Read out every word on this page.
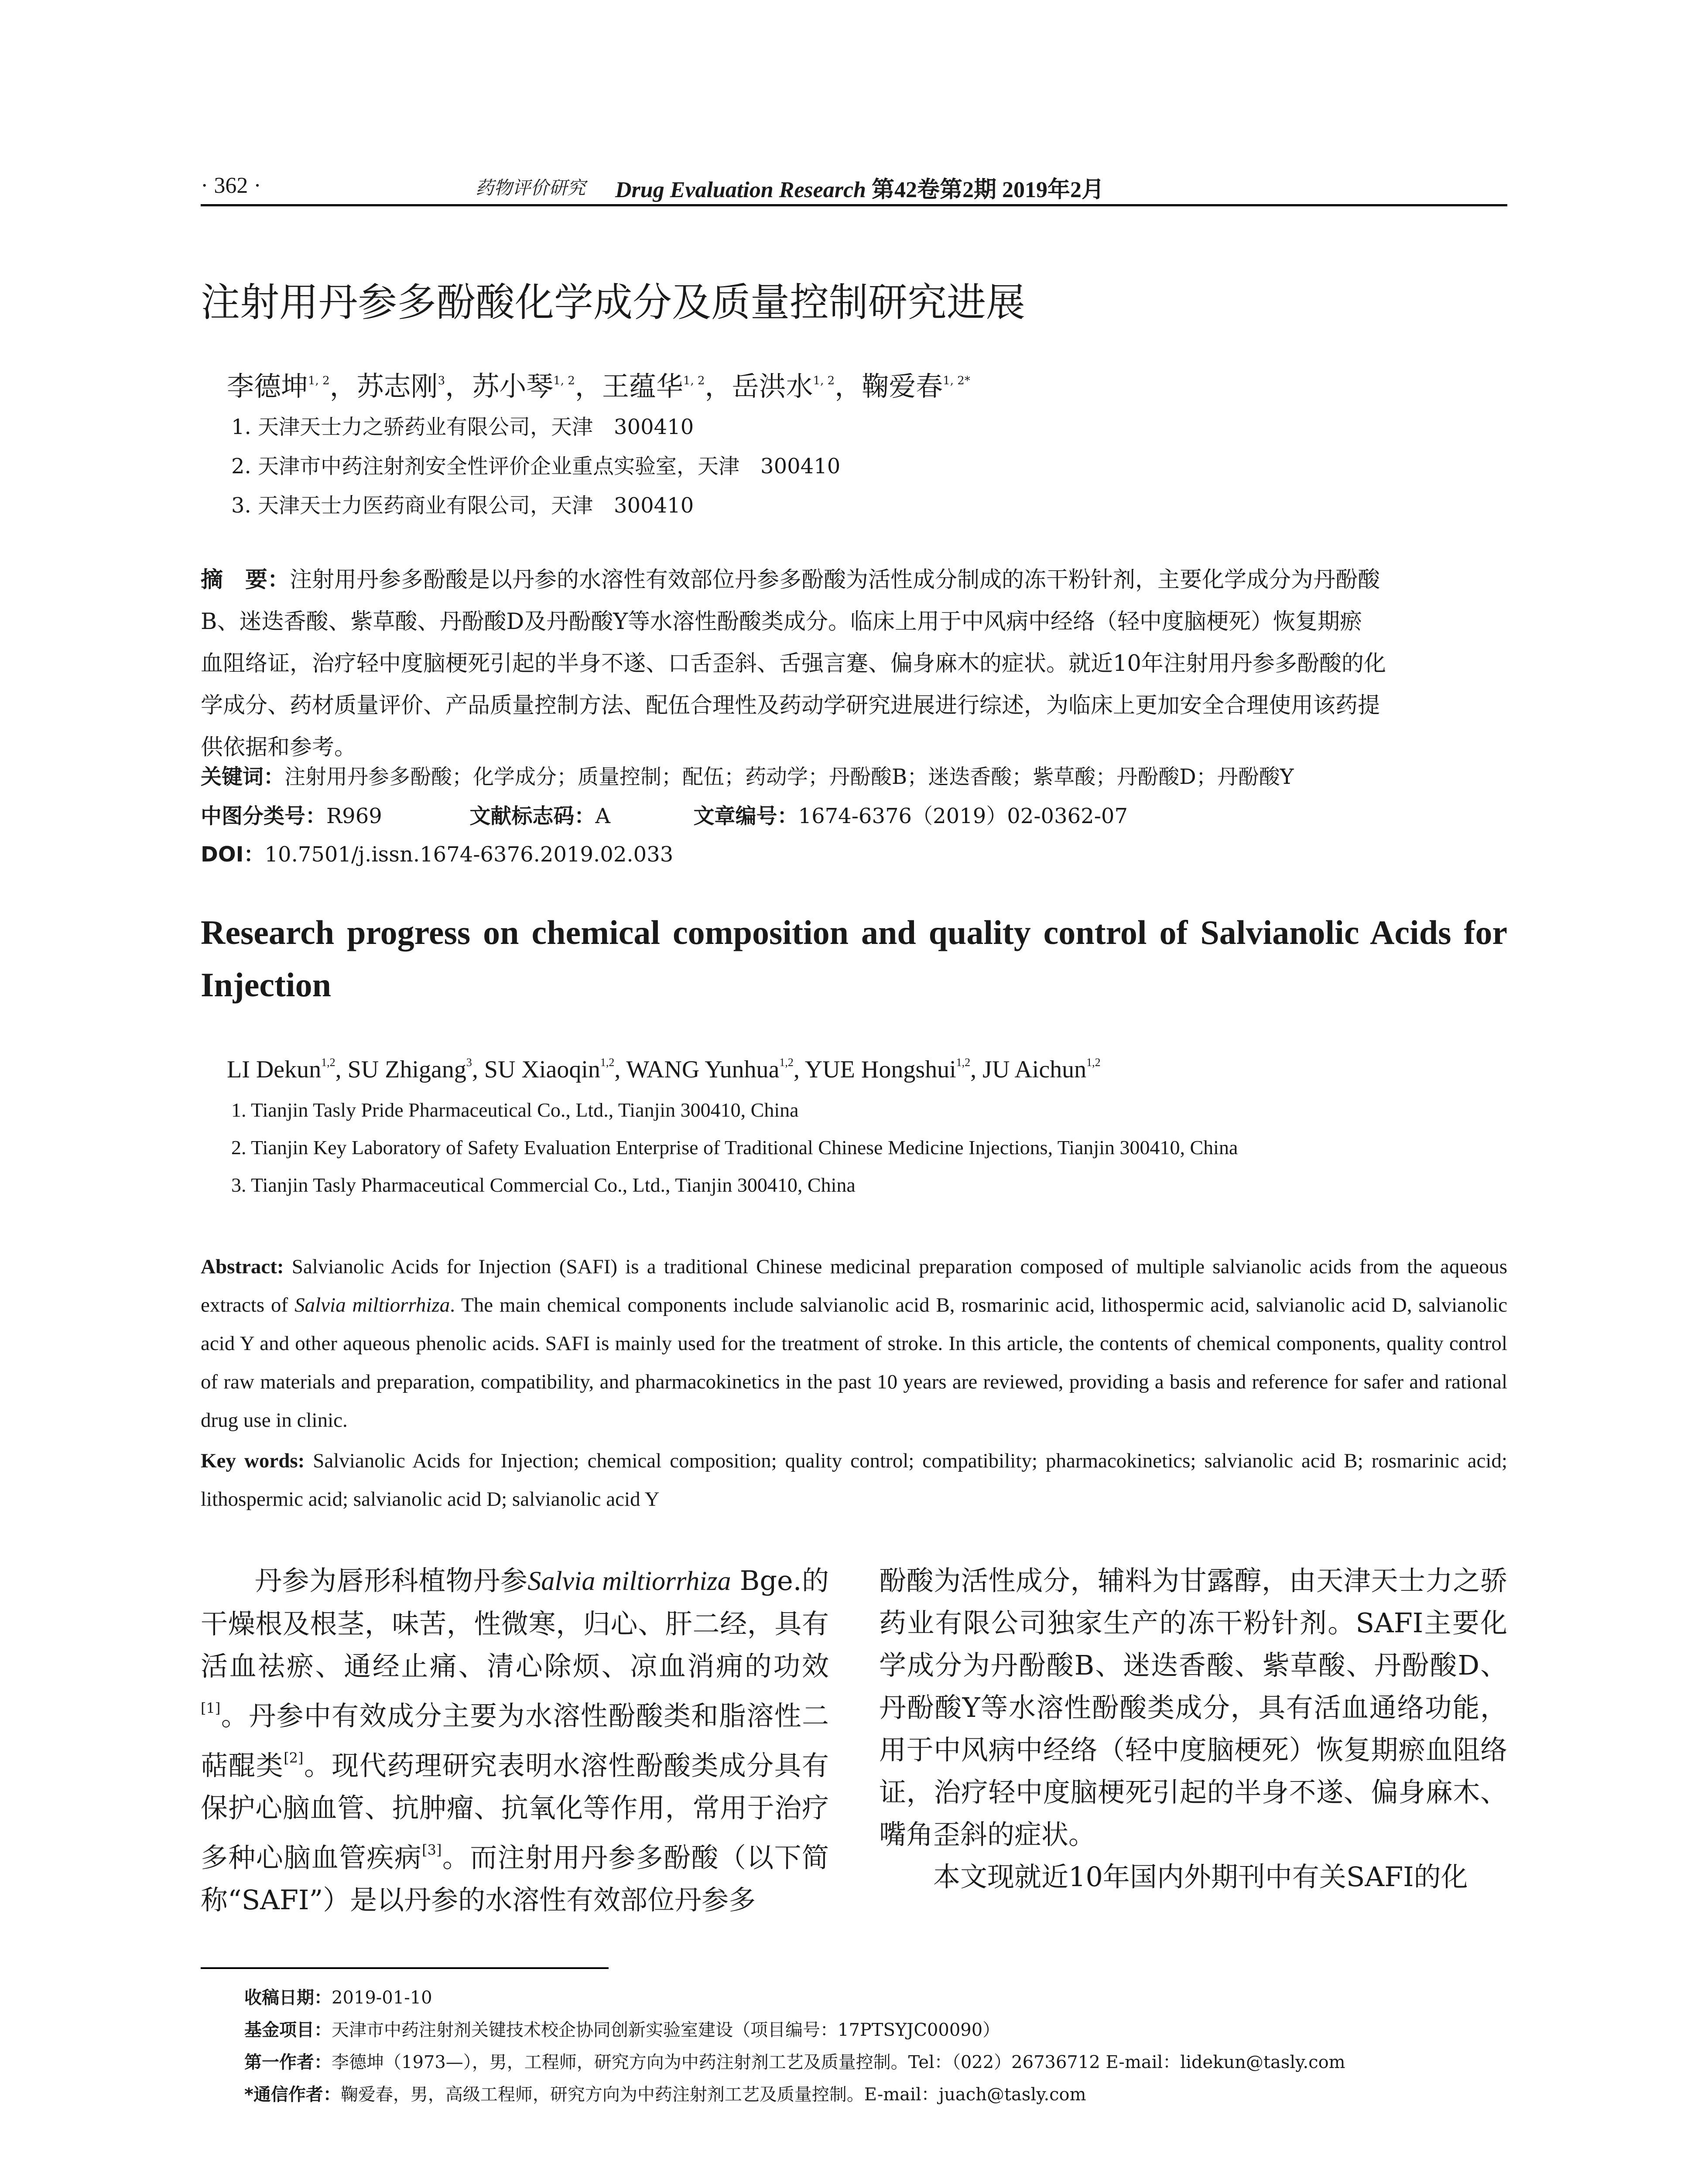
· 362 ·	药物评价研究 Drug Evaluation Research 第42卷第2期 2019年2月
注射用丹参多酚酸化学成分及质量控制研究进展
李德坤$^{1, 2}$，苏志刚$^3$，苏小琴$^{1, 2}$，王蕴华$^{1, 2}$，岳洪水$^{1, 2}$，鞠爱春$^{1, 2*}$
1. 天津天士力之骄药业有限公司，天津　300410
2. 天津市中药注射剂安全性评价企业重点实验室，天津　300410
3. 天津天士力医药商业有限公司，天津　300410
摘　要：注射用丹参多酚酸是以丹参的水溶性有效部位丹参多酚酸为活性成分制成的冻干粉针剂，主要化学成分为丹酚酸
B、迷迭香酸、紫草酸、丹酚酸D及丹酚酸Y等水溶性酚酸类成分。临床上用于中风病中经络（轻中度脑梗死）恢复期瘀
血阻络证，治疗轻中度脑梗死引起的半身不遂、口舌歪斜、舌强言蹇、偏身麻木的症状。就近10年注射用丹参多酚酸的化
学成分、药材质量评价、产品质量控制方法、配伍合理性及药动学研究进展进行综述，为临床上更加安全合理使用该药提
供依据和参考。
关键词：注射用丹参多酚酸；化学成分；质量控制；配伍；药动学；丹酚酸B；迷迭香酸；紫草酸；丹酚酸D；丹酚酸Y
中图分类号：R969	文献标志码：A	文章编号：1674-6376（2019）02-0362-07
DOI：10.7501/j.issn.1674-6376.2019.02.033
Research progress on chemical composition and quality control of Salvianolic Acids for Injection
LI Dekun$^{1,2}$, SU Zhigang$^3$, SU Xiaoqin$^{1,2}$, WANG Yunhua$^{1,2}$, YUE Hongshui$^{1,2}$, JU Aichun$^{1,2}$
1. Tianjin Tasly Pride Pharmaceutical Co., Ltd., Tianjin 300410, China
2. Tianjin Key Laboratory of Safety Evaluation Enterprise of Traditional Chinese Medicine Injections, Tianjin 300410, China
3. Tianjin Tasly Pharmaceutical Commercial Co., Ltd., Tianjin 300410, China
Abstract: Salvianolic Acids for Injection (SAFI) is a traditional Chinese medicinal preparation composed of multiple salvianolic acids from the aqueous extracts of Salvia miltiorrhiza. The main chemical components include salvianolic acid B, rosmarinic acid, lithospermic acid, salvianolic acid D, salvianolic acid Y and other aqueous phenolic acids. SAFI is mainly used for the treatment of stroke. In this article, the contents of chemical components, quality control of raw materials and preparation, compatibility, and pharmacokinetics in the past 10 years are reviewed, providing a basis and reference for safer and rational drug use in clinic.
Key words: Salvianolic Acids for Injection; chemical composition; quality control; compatibility; pharmacokinetics; salvianolic acid B; rosmarinic acid; lithospermic acid; salvianolic acid D; salvianolic acid Y
丹参为唇形科植物丹参Salvia miltiorrhiza Bge.的干燥根及根茎，味苦，性微寒，归心、肝二经，具有活血祛瘀、通经止痛、清心除烦、凉血消痈的功效[1]。丹参中有效成分主要为水溶性酚酸类和脂溶性二萜醌类[2]。现代药理研究表明水溶性酚酸类成分具有保护心脑血管、抗肿瘤、抗氧化等作用，常用于治疗多种心脑血管疾病[3]。而注射用丹参多酚酸（以下简称“SAFI”）是以丹参的水溶性有效部位丹参多

酚酸为活性成分，辅料为甘露醇，由天津天士力之骄药业有限公司独家生产的冻干粉针剂。SAFI主要化学成分为丹酚酸B、迷迭香酸、紫草酸、丹酚酸D、丹酚酸Y等水溶性酚酸类成分，具有活血通络功能，用于中风病中经络（轻中度脑梗死）恢复期瘀血阻络证，治疗轻中度脑梗死引起的半身不遂、偏身麻木、嘴角歪斜的症状。

本文现就近10年国内外期刊中有关SAFI的化

收稿日期：2019-01-10
基金项目：天津市中药注射剂关键技术校企协同创新实验室建设（项目编号：17PTSYJC00090）
第一作者：李德坤（1973—），男，工程师，研究方向为中药注射剂工艺及质量控制。Tel：（022）26736712 E-mail：lidekun@tasly.com
*通信作者：鞠爱春，男，高级工程师，研究方向为中药注射剂工艺及质量控制。E-mail：juach@tasly.com
